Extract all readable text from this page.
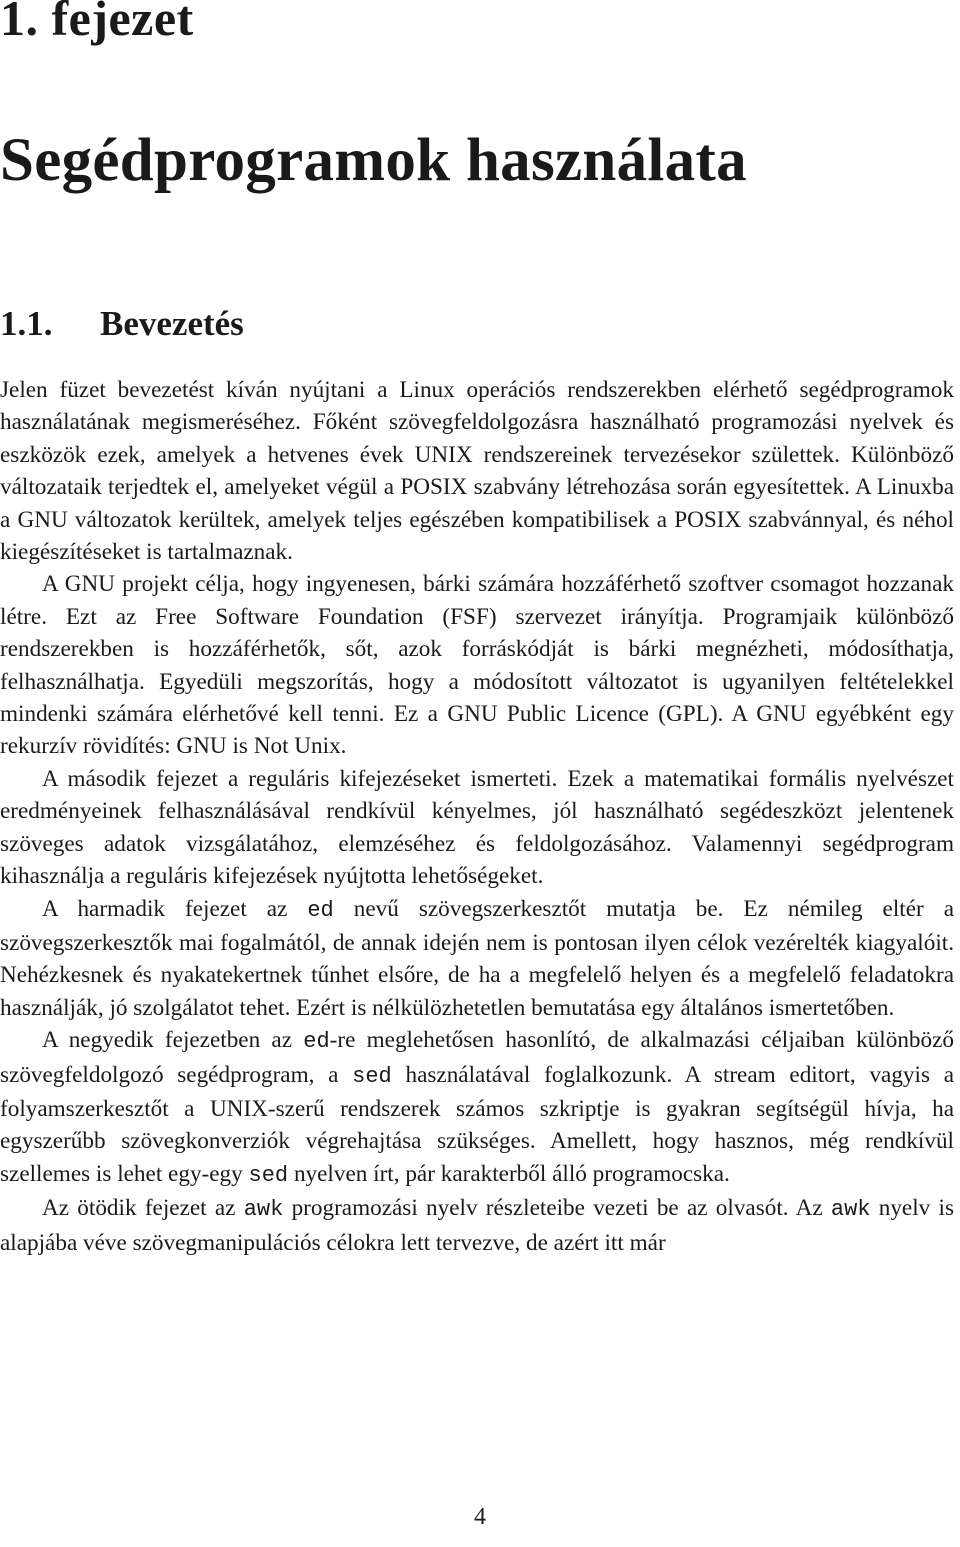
1. fejezet
Segédprogramok használata
1.1. Bevezetés

Jelen füzet bevezetést kíván nyújtani a Linux operációs rendszerekben elérhető segédprogramok használatának megismeréséhez. Főként szövegfeldolgozásra használható programozási nyelvek és eszközök ezek, amelyek a hetvenes évek UNIX rendszereinek tervezésekor születtek. Különböző változataik terjedtek el, amelyeket végül a POSIX szabvány létrehozása során egyesítettek. A Linuxba a GNU változatok kerültek, amelyek teljes egészében kompatibilisek a POSIX szabvánnyal, és néhol kiegészítéseket is tartalmaznak.

A GNU projekt célja, hogy ingyenesen, bárki számára hozzáférhető szoftver csomagot hozzanak létre. Ezt az Free Software Foundation (FSF) szervezet irányítja. Programjaik különböző rendszerekben is hozzáférhetők, sőt, azok forráskódját is bárki megnézheti, módosíthatja, felhasználhatja. Egyedüli megszorítás, hogy a módosított változatot is ugyanilyen feltételekkel mindenki számára elérhetővé kell tenni. Ez a GNU Public Licence (GPL). A GNU egyébként egy rekurzív rövidítés: GNU is Not Unix.

A második fejezet a reguláris kifejezéseket ismerteti. Ezek a matematikai formális nyelvészet eredményeinek felhasználásával rendkívül kényelmes, jól használható segédeszközt jelentenek szöveges adatok vizsgálatához, elemzéséhez és feldolgozásához. Valamennyi segédprogram kihasználja a reguláris kifejezések nyújtotta lehetőségeket.

A harmadik fejezet az ed nevű szövegszerkesztőt mutatja be. Ez némileg eltér a szövegszerkesztők mai fogalmától, de annak idején nem is pontosan ilyen célok vezérelték kiagyalóit. Nehézkesnek és nyakatekertnek tűnhet elsőre, de ha a megfelelő helyen és a megfelelő feladatokra használják, jó szolgálatot tehet. Ezért is nélkülözhetetlen bemutatása egy általános ismertetőben.

A negyedik fejezetben az ed-re meglehetősen hasonlító, de alkalmazási céljaiban különböző szövegfeldolgozó segédprogram, a sed használatával foglalkozunk. A stream editort, vagyis a folyamszerkesztőt a UNIX-szerű rendszerek számos szkriptje is gyakran segítségül hívja, ha egyszerűbb szövegkonverziók végrehajtása szükséges. Amellett, hogy hasznos, még rendkívül szellemes is lehet egy-egy sed nyelven írt, pár karakterből álló programocska.

Az ötödik fejezet az awk programozási nyelv részleteibe vezeti be az olvasót. Az awk nyelv is alapjába véve szövegmanipulációs célokra lett tervezve, de azért itt már

4
